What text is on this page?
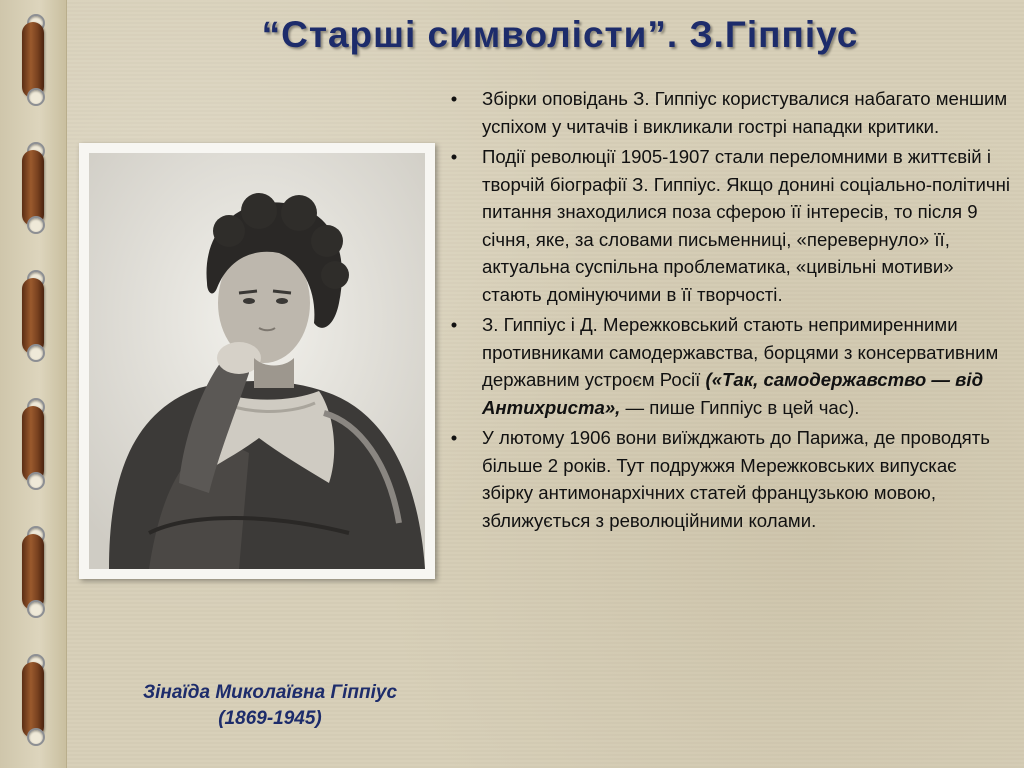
“Старші символісти”. З.Гіппіус
Зінаїда Миколаївна Гіппіус
(1869-1945)
•	Збірки оповідань З. Гиппіус користувалися набагато меншим успіхом у читачів і викликали гострі нападки критики.
•	Події революції 1905-1907 стали переломними в життєвій і творчій біографії З. Гиппіус. Якщо донині соціально-політичні питання знаходилися поза сферою її інтересів, то після 9 січня, яке, за словами письменниці, «перевернуло» її, актуальна суспільна проблематика, «цивільні мотиви» стають домінуючими в її творчості.
•	З. Гиппіус і Д. Мережковський стають непримиренними противниками самодержавства, борцями з консервативним державним устроєм Росії («Так, самодержавство — від Антихриста», — пише Гиппіус в цей час).
•	У лютому 1906 вони виїжджають до Парижа, де проводять більше 2 років. Тут подружжя Мережковських випускає збірку антимонархічних статей французькою мовою, зближується з революційними колами.
